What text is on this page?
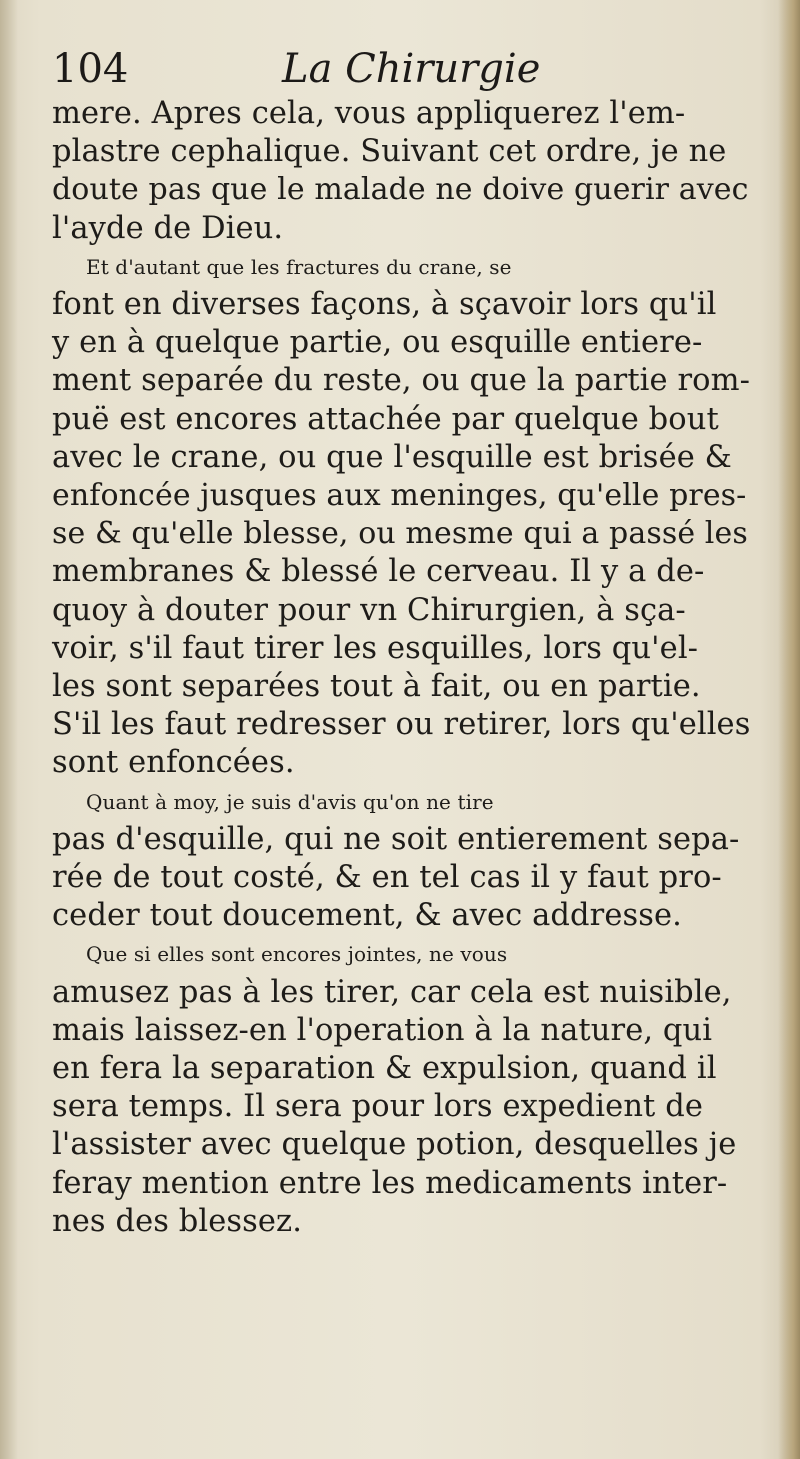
104	La Chirurgie
mere. Apres cela, vous appliquerez l'em-
plastre cephalique. Suivant cet ordre, je ne
doute pas que le malade ne doive guerir avec
l'ayde de Dieu.
Et d'autant que les fractures du crane, se
font en diverses façons, à sçavoir lors qu'il
y en à quelque partie, ou esquille entiere-
ment separée du reste, ou que la partie rom-
puë est encores attachée par quelque bout
avec le crane, ou que l'esquille est brisée &
enfoncée jusques aux meninges, qu'elle pres-
se & qu'elle blesse, ou mesme qui a passé les
membranes & blessé le cerveau. Il y a de-
quoy à douter pour vn Chirurgien, à sça-
voir, s'il faut tirer les esquilles, lors qu'el-
les sont separées tout à fait, ou en partie.
S'il les faut redresser ou retirer, lors qu'elles
sont enfoncées.
Quant à moy, je suis d'avis qu'on ne tire
pas d'esquille, qui ne soit entierement sepa-
rée de tout costé, & en tel cas il y faut pro-
ceder tout doucement, & avec addresse.
Que si elles sont encores jointes, ne vous
amusez pas à les tirer, car cela est nuisible,
mais laissez-en l'operation à la nature, qui
en fera la separation & expulsion, quand il
sera temps. Il sera pour lors expedient de
l'assister avec quelque potion, desquelles je
feray mention entre les medicaments inter-
nes des blessez.
